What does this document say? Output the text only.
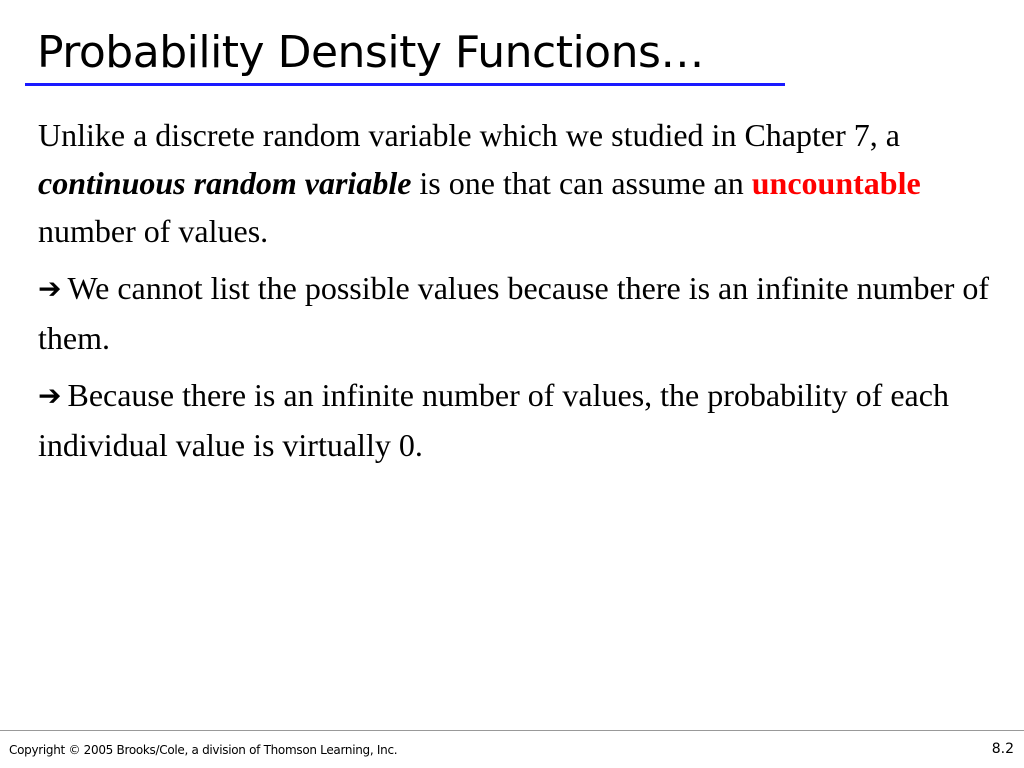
Probability Density Functions…

Unlike a discrete random variable which we studied in Chapter 7, a continuous random variable is one that can assume an uncountable number of values.

➔ We cannot list the possible values because there is an infinite number of them.

➔ Because there is an infinite number of values, the probability of each individual value is virtually 0.

Copyright © 2005 Brooks/Cole, a division of Thomson Learning, Inc.	8.2
